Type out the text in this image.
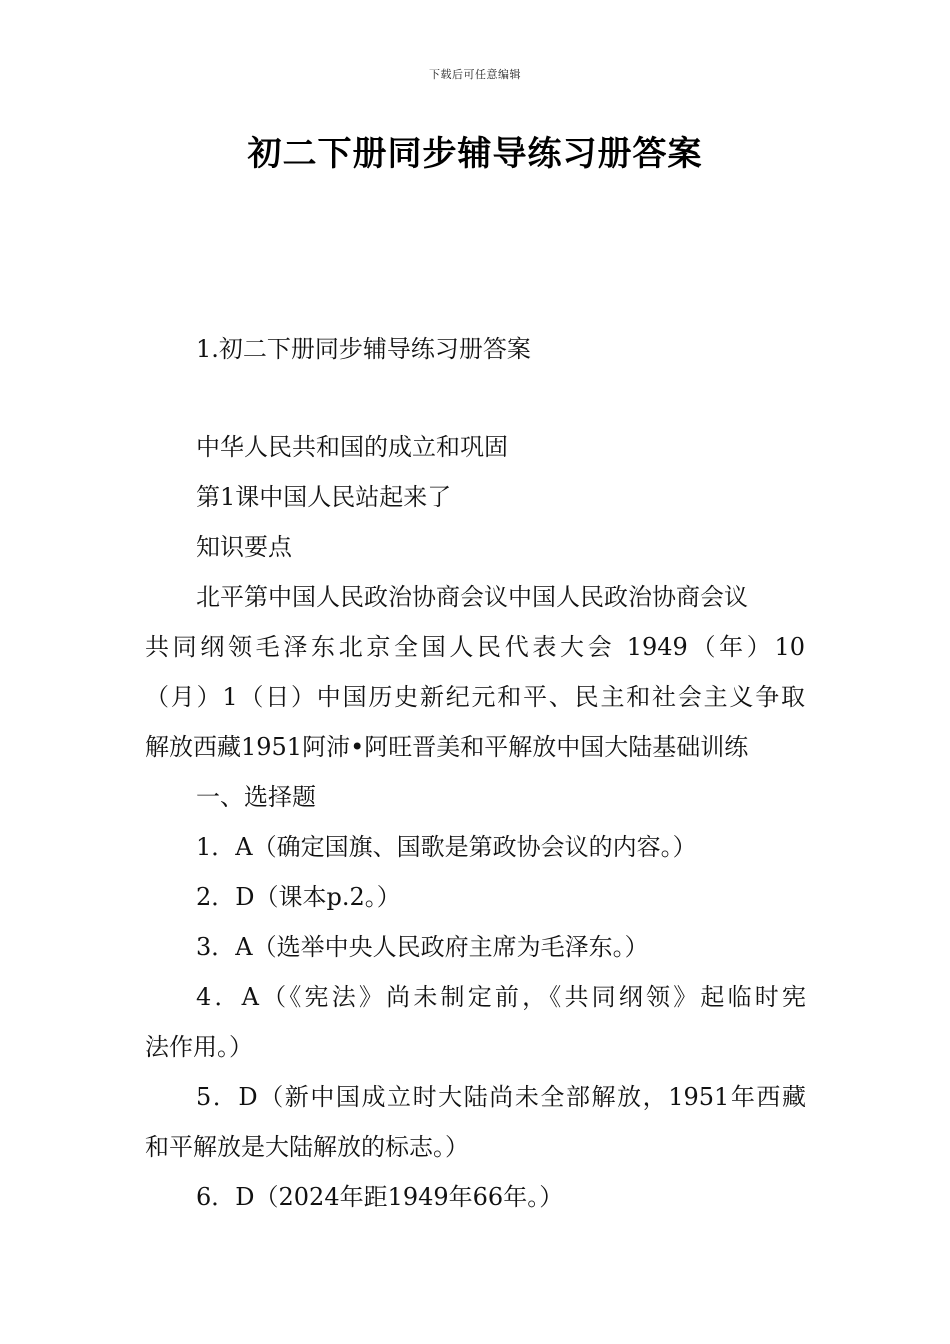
下载后可任意编辑
初二下册同步辅导练习册答案
1.初二下册同步辅导练习册答案
中华人民共和国的成立和巩固
第1课中国人民站起来了
知识要点
北平第中国人民政治协商会议中国人民政治协商会议
共同纲领毛泽东北京全国人民代表大会 1949（年）10
（月）1（日）中国历史新纪元和平、民主和社会主义争取
解放西藏1951阿沛•阿旺晋美和平解放中国大陆基础训练
一、选择题
1．A（确定国旗、国歌是第政协会议的内容。）
2．D（课本p.2。）
3．A（选举中央人民政府主席为毛泽东。）
4．A（《宪法》尚未制定前，《共同纲领》起临时宪
法作用。）
5．D（新中国成立时大陆尚未全部解放，1951年西藏
和平解放是大陆解放的标志。）
6．D（2024年距1949年66年。）
